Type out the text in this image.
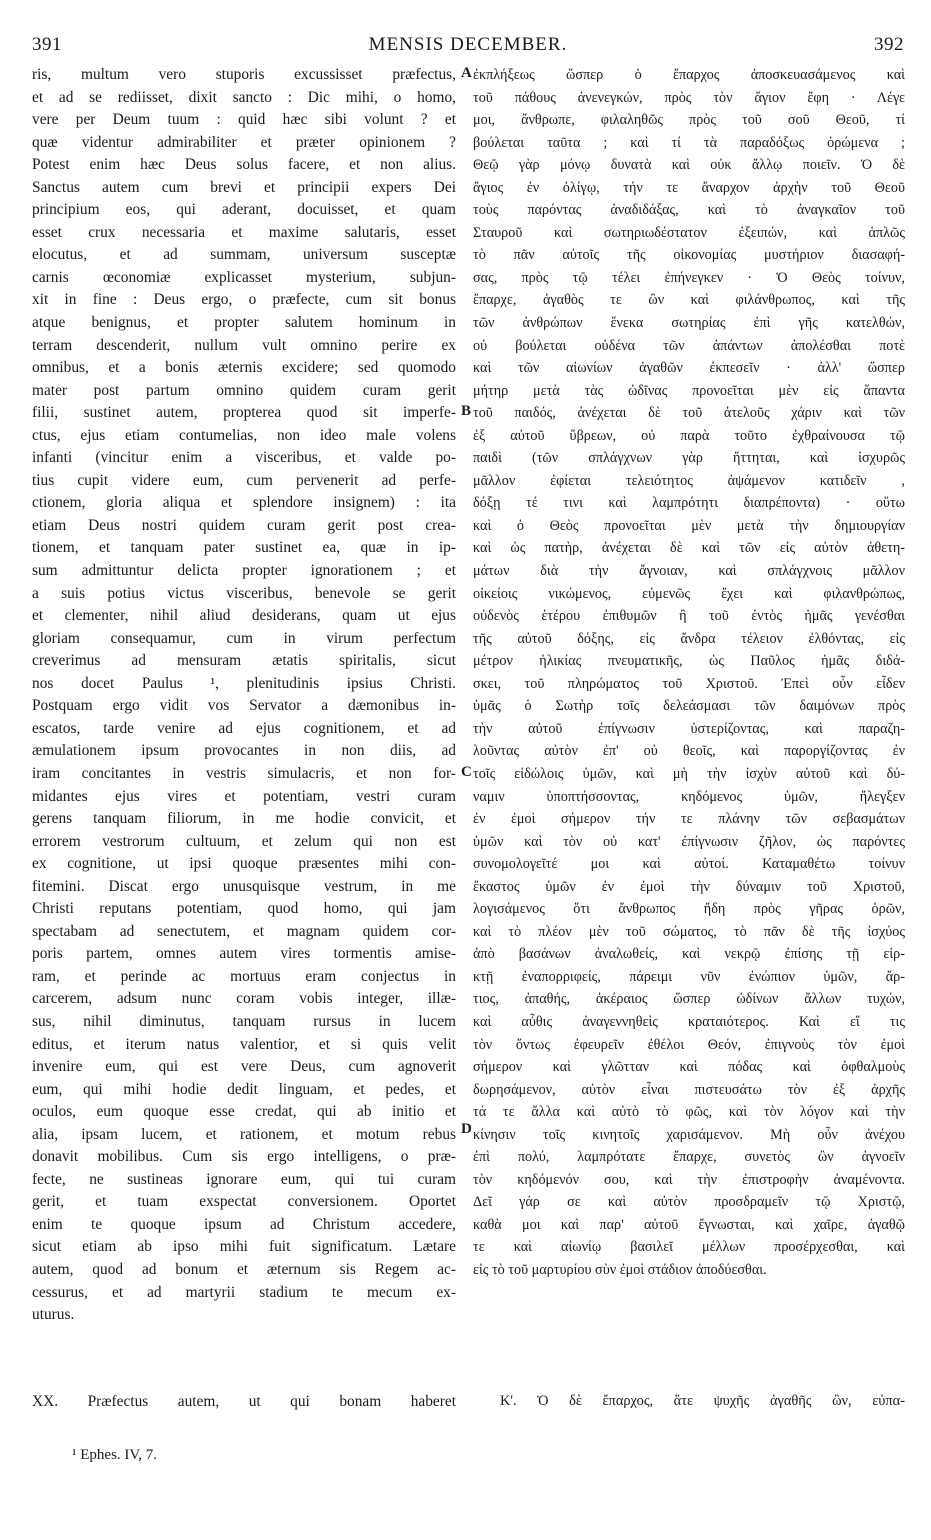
391	MENSIS DECEMBER.	392
ris, multum vero stuporis excussisset præfectus,
et ad se rediisset, dixit sancto : Dic mihi, o homo,
vere per Deum tuum : quid hæc sibi volunt ? et
quæ videntur admirabiliter et præter opinionem ?
Potest enim hæc Deus solus facere, et non alius.
Sanctus autem cum brevi et principii expers Dei
principium eos, qui aderant, docuisset, et quam
esset crux necessaria et maxime salutaris, esset
elocutus, et ad summam, universum susceptæ
carnis œconomiæ explicasset mysterium, subjun-
xit in fine : Deus ergo, o præfecte, cum sit bonus
atque benignus, et propter salutem hominum in
terram descenderit, nullum vult omnino perire ex
omnibus, et a bonis æternis excidere; sed quomodo
mater post partum omnino quidem curam gerit
filii, sustinet autem, propterea quod sit imperfe-
ctus, ejus etiam contumelias, non ideo male volens
infanti (vincitur enim a visceribus, et valde po-
tius cupit videre eum, cum pervenerit ad perfe-
ctionem, gloria aliqua et splendore insignem) : ita
etiam Deus nostri quidem curam gerit post crea-
tionem, et tanquam pater sustinet ea, quæ in ip-
sum admittuntur delicta propter ignorationem ; et
a suis potius victus visceribus, benevole se gerit
et clementer, nihil aliud desiderans, quam ut ejus
gloriam consequamur, cum in virum perfectum
creverimus ad mensuram ætatis spiritalis, sicut
nos docet Paulus ¹, plenitudinis ipsius Christi.
Postquam ergo vidit vos Servator a dæmonibus in-
escatos, tarde venire ad ejus cognitionem, et ad
æmulationem ipsum provocantes in non diis, ad
iram concitantes in vestris simulacris, et non for-
midantes ejus vires et potentiam, vestri curam
gerens tanquam filiorum, in me hodie convicit, et
errorem vestrorum cultuum, et zelum qui non est
ex cognitione, ut ipsi quoque præsentes mihi con-
fitemini. Discat ergo unusquisque vestrum, in me
Christi reputans potentiam, quod homo, qui jam
spectabam ad senectutem, et magnam quidem cor-
poris partem, omnes autem vires tormentis amise-
ram, et perinde ac mortuus eram conjectus in
carcerem, adsum nunc coram vobis integer, illæ-
sus, nihil diminutus, tanquam rursus in lucem
editus, et iterum natus valentior, et si quis velit
invenire eum, qui est vere Deus, cum agnoverit
eum, qui mihi hodie dedit linguam, et pedes, et
oculos, eum quoque esse credat, qui ab initio et
alia, ipsam lucem, et rationem, et motum rebus
donavit mobilibus. Cum sis ergo intelligens, o præ-
fecte, ne sustineas ignorare eum, qui tui curam
gerit, et tuam exspectat conversionem. Oportet
enim te quoque ipsum ad Christum accedere,
sicut etiam ab ipso mihi fuit significatum. Lætare
autem, quod ad bonum et æternum sis Regem ac-
cessurus, et ad martyrii stadium te mecum ex-
uturus.
ἐκπλήξεως ὥσπερ ὁ ἔπαρχος ἀποσκευασάμενος καὶ
τοῦ πάθους ἀνενεγκών, πρὸς τὸν ἅγιον ἔφη · Λέγε
μοι, ἄνθρωπε, φιλαληθῶς πρὸς τοῦ σοῦ Θεοῦ, τί
βούλεται ταῦτα ; καὶ τί τὰ παραδόξως ὁρώμενα ;
Θεῷ γὰρ μόνῳ δυνατὰ καὶ οὐκ ἄλλῳ ποιεῖν. Ὁ δὲ
ἅγιος ἐν ὀλίγῳ, τήν τε ἄναρχον ἀρχὴν τοῦ Θεοῦ
τοὺς παρόντας ἀναδιδάξας, καὶ τὸ ἀναγκαῖον τοῦ
Σταυροῦ καὶ σωτηριωδέστατον ἐξειπών, καὶ ἁπλῶς
τὸ πᾶν αὐτοῖς τῆς οἰκονομίας μυστήριον διασαφή-
σας, πρὸς τῷ τέλει ἐπήνεγκεν · Ὁ Θεὸς τοίνυν,
ἔπαρχε, ἀγαθὸς τε ὢν καὶ φιλάνθρωπος, καὶ τῆς
τῶν ἀνθρώπων ἕνεκα σωτηρίας ἐπὶ γῆς κατελθών,
οὐ βούλεται οὐδένα τῶν ἁπάντων ἀπολέσθαι ποτὲ
καὶ τῶν αἰωνίων ἀγαθῶν ἐκπεσεῖν · ἀλλ' ὥσπερ
μήτηρ μετὰ τὰς ὠδῖνας προνοεῖται μὲν εἰς ἅπαντα
τοῦ παιδός, ἀνέχεται δὲ τοῦ ἀτελοῦς χάριν καὶ τῶν
ἐξ αὐτοῦ ὕβρεων, οὐ παρὰ τοῦτο ἐχθραίνουσα τῷ
παιδὶ (τῶν σπλάγχνων γὰρ ἥττηται, καὶ ἰσχυρῶς
μᾶλλον ἐφίεται τελειότητος ἀψάμενον κατιδεῖν ,
δόξῃ τέ τινι καὶ λαμπρότητι διαπρέποντα) · οὕτω
καὶ ὁ Θεὸς προνοεῖται μὲν μετὰ τὴν δημιουργίαν
καὶ ὡς πατὴρ, ἀνέχεται δὲ καὶ τῶν εἰς αὐτὸν ἀθετη-
μάτων διὰ τὴν ἄγνοιαν, καὶ σπλάγχνοις μᾶλλον
οἰκείοις νικώμενος, εὐμενῶς ἔχει καὶ φιλανθρώπως,
οὐδενὸς ἑτέρου ἐπιθυμῶν ἢ τοῦ ἐντὸς ἡμᾶς γενέσθαι
τῆς αὐτοῦ δόξης, εἰς ἄνδρα τέλειον ἐλθόντας, εἰς
μέτρον ἡλικίας πνευματικῆς, ὡς Παῦλος ἡμᾶς διδά-
σκει, τοῦ πληρώματος τοῦ Χριστοῦ. Ἐπεὶ οὖν εἶδεν
ὑμᾶς ὁ Σωτὴρ τοῖς δελεάσμασι τῶν δαιμόνων πρὸς
τὴν αὐτοῦ ἐπίγνωσιν ὑστερίζοντας, καὶ παραζη-
λοῦντας αὐτὸν ἐπ' οὐ θεοῖς, καὶ παροργίζοντας ἐν
τοῖς εἰδώλοις ὑμῶν, καὶ μὴ τὴν ἰσχὺν αὐτοῦ καὶ δύ-
ναμιν ὑποπτήσσοντας, κηδόμενος ὑμῶν, ἤλεγξεν
ἐν ἐμοὶ σήμερον τήν τε πλάνην τῶν σεβασμάτων
ὑμῶν καὶ τὸν οὐ κατ' ἐπίγνωσιν ζῆλον, ὡς παρόντες
συνομολογεῖτέ μοι καὶ αὐτοί. Καταμαθέτω τοίνυν
ἕκαστος ὑμῶν ἐν ἐμοὶ τὴν δύναμιν τοῦ Χριστοῦ,
λογισάμενος ὅτι ἄνθρωπος ἤδη πρὸς γῆρας ὁρῶν,
καὶ τὸ πλέον μὲν τοῦ σώματος, τὸ πᾶν δὲ τῆς ἰσχύος
ἀπὸ βασάνων ἀναλωθείς, καὶ νεκρῷ ἐπίσης τῇ εἱρ-
κτῇ ἐναπορριφείς, πάρειμι νῦν ἐνώπιον ὑμῶν, ἄρ-
τιος, ἀπαθής, ἀκέραιος ὥσπερ ὠδίνων ἄλλων τυχών,
καὶ αὖθις ἀναγεννηθεὶς κραταιότερος. Καὶ εἴ τις
τὸν ὄντως ἐφευρεῖν ἐθέλοι Θεόν, ἐπιγνοὺς τὸν ἐμοὶ
σήμερον καὶ γλῶτταν καὶ πόδας καὶ ὀφθαλμοὺς
δωρησάμενον, αὐτὸν εἶναι πιστευσάτω τὸν ἐξ ἀρχῆς
τά τε ἄλλα καὶ αὐτὸ τὸ φῶς, καὶ τὸν λόγον καὶ τὴν
κίνησιν τοῖς κινητοῖς χαρισάμενον. Μὴ οὖν ἀνέχου
ἐπὶ πολύ, λαμπρότατε ἔπαρχε, συνετὸς ὢν ἀγνοεῖν
τὸν κηδόμενόν σου, καὶ τὴν ἐπιστροφὴν ἀναμένοντα.
Δεῖ γάρ σε καὶ αὐτὸν προσδραμεῖν τῷ Χριστῷ,
καθὰ μοι καὶ παρ' αὐτοῦ ἔγνωσται, καὶ χαῖρε, ἀγαθῷ
τε καὶ αἰωνίῳ βασιλεῖ μέλλων προσέρχεσθαι, καὶ
εἰς τὸ τοῦ μαρτυρίου σὺν ἐμοὶ στάδιον ἀποδύεσθαι.
A
B
C
D
XX. Præfectus autem, ut qui bonam haberet	Κ'. Ὁ δὲ ἔπαρχος, ἅτε ψυχῆς ἀγαθῆς ὢν, εὐπα-
¹ Ephes. IV, 7.
